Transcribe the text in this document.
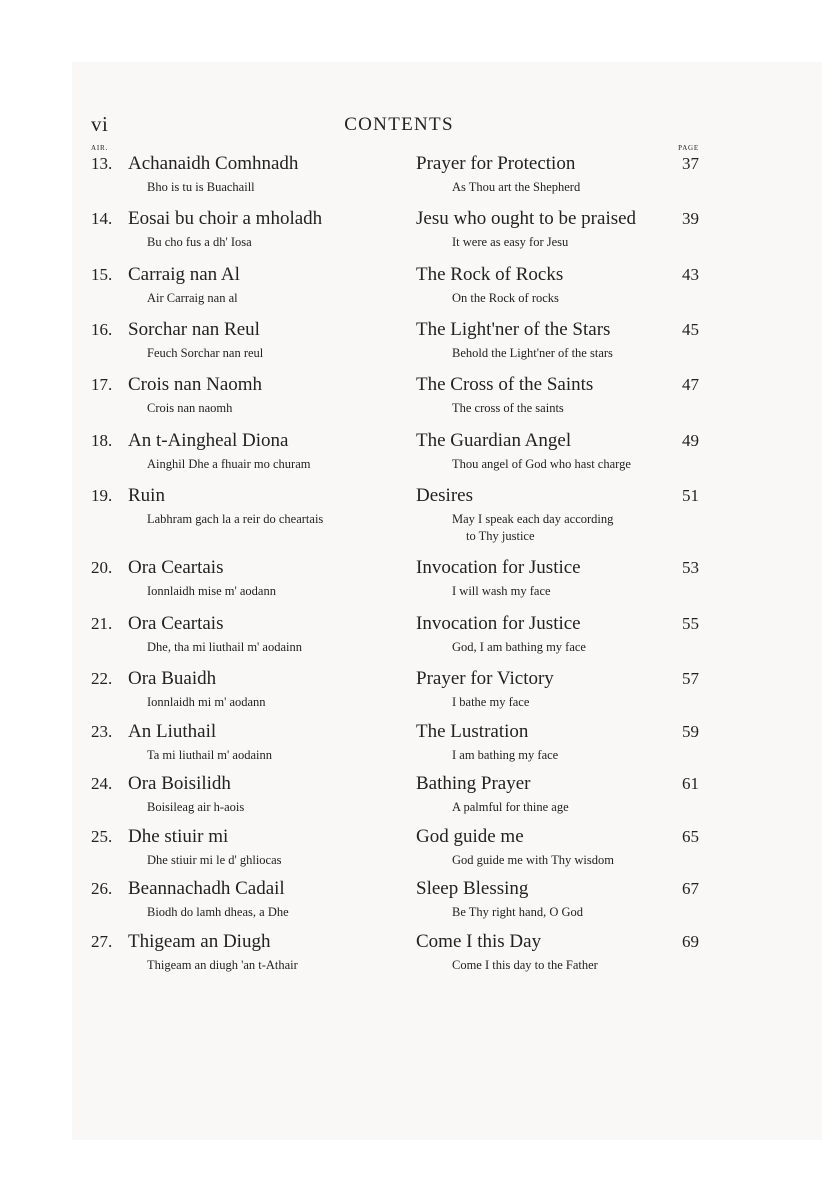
vi	CONTENTS
AIR.	PAGE
13. Achanaidh Comhnadh
Bho is tu is Buachaill
Prayer for Protection
As Thou art the Shepherd
37
14. Eosai bu choir a mholadh
Bu cho fus a dh' Iosa
Jesu who ought to be praised
It were as easy for Jesu
39
15. Carraig nan Al
Air Carraig nan al
The Rock of Rocks
On the Rock of rocks
43
16. Sorchar nan Reul
Feuch Sorchar nan reul
The Light'ner of the Stars
Behold the Light'ner of the stars
45
17. Crois nan Naomh
Crois nan naomh
The Cross of the Saints
The cross of the saints
47
18. An t-Aingheal Diona
Ainghil Dhe a fhuair mo churam
The Guardian Angel
Thou angel of God who hast charge
49
19. Ruin
Labhram gach la a reir do cheartais
Desires
May I speak each day according
to Thy justice
51
20. Ora Ceartais
Ionnlaidh mise m' aodann
Invocation for Justice
I will wash my face
53
21. Ora Ceartais
Dhe, tha mi liuthail m' aodainn
Invocation for Justice
God, I am bathing my face
55
22. Ora Buaidh
Ionnlaidh mi m' aodann
Prayer for Victory
I bathe my face
57
23. An Liuthail
Ta mi liuthail m' aodainn
The Lustration
I am bathing my face
59
24. Ora Boisilidh
Boisileag air h-aois
Bathing Prayer
A palmful for thine age
61
25. Dhe stiuir mi
Dhe stiuir mi le d' ghliocas
God guide me
God guide me with Thy wisdom
65
26. Beannachadh Cadail
Biodh do lamh dheas, a Dhe
Sleep Blessing
Be Thy right hand, O God
67
27. Thigeam an Diugh
Thigeam an diugh 'an t-Athair
Come I this Day
Come I this day to the Father
69
